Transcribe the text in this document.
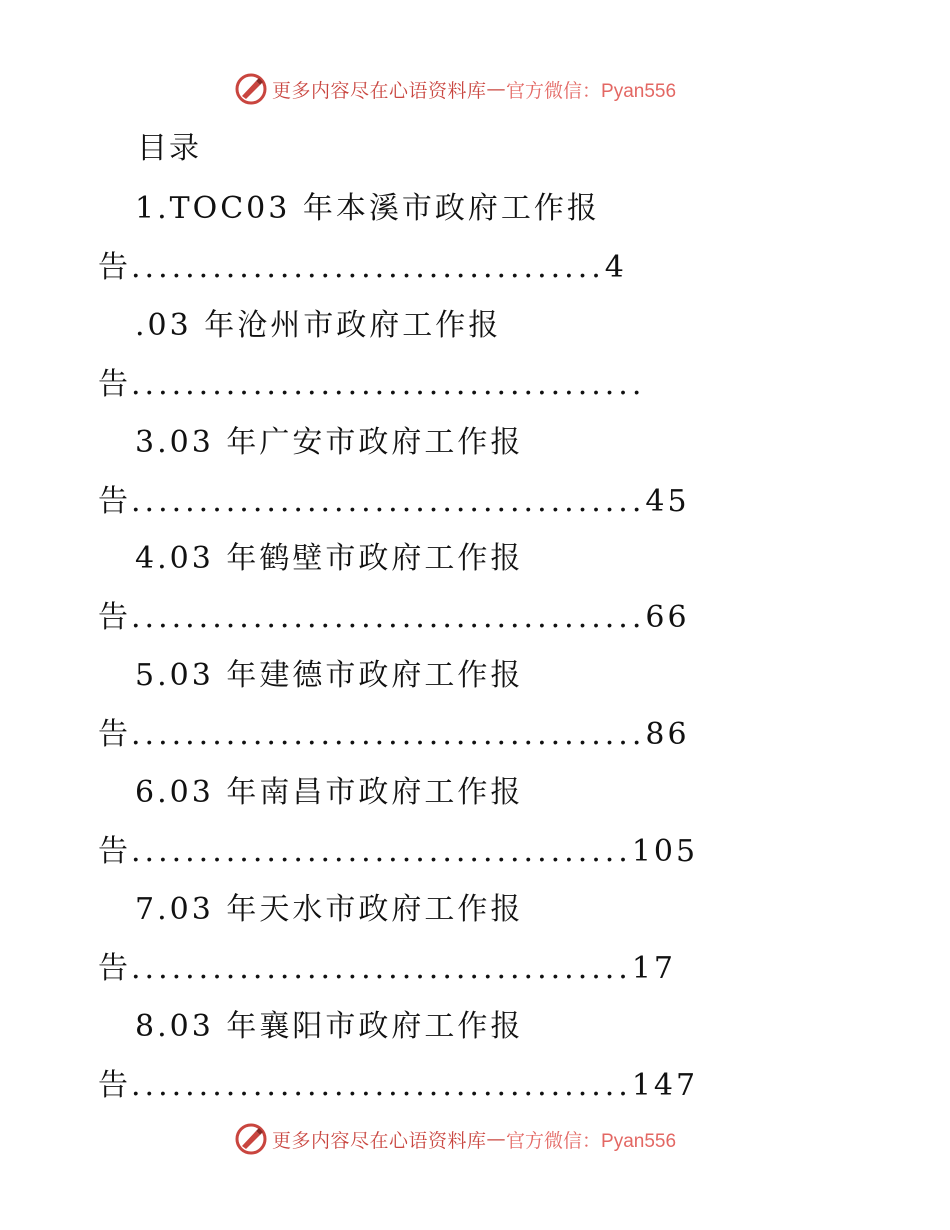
更多内容尽在心语资料库 — 官方微信：Pyan556
目录
1.TOC03 年本溪市政府工作报
告...................................4
.03 年沧州市政府工作报
告......................................
3.03 年广安市政府工作报
告......................................45
4.03 年鹤壁市政府工作报
告......................................66
5.03 年建德市政府工作报
告......................................86
6.03 年南昌市政府工作报
告.....................................105
7.03 年天水市政府工作报
告.....................................17
8.03 年襄阳市政府工作报
告.....................................147
更多内容尽在心语资料库 — 官方微信：Pyan556
